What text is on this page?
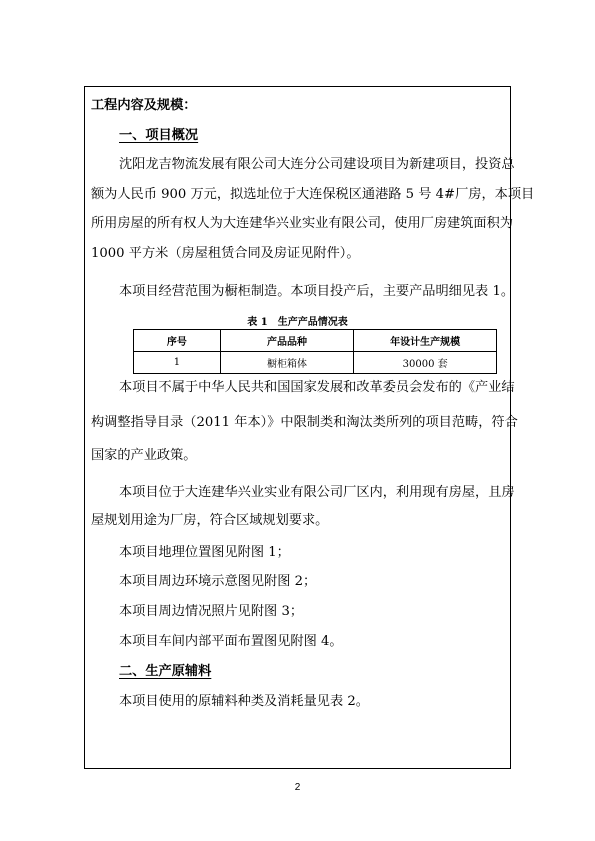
工程内容及规模：
一、项目概况
沈阳龙吉物流发展有限公司大连分公司建设项目为新建项目，投资总
额为人民币 900 万元，拟选址位于大连保税区通港路 5 号 4#厂房，本项目
所用房屋的所有权人为大连建华兴业实业有限公司，使用厂房建筑面积为
1000 平方米（房屋租赁合同及房证见附件）。
本项目经营范围为橱柜制造。本项目投产后，主要产品明细见表 1。
表 1　生产产品情况表
序号	产品品种	年设计生产规模
1	橱柜箱体	30000 套
本项目不属于中华人民共和国国家发展和改革委员会发布的《产业结
构调整指导目录（2011 年本）》中限制类和淘汰类所列的项目范畴，符合
国家的产业政策。
本项目位于大连建华兴业实业有限公司厂区内，利用现有房屋，且房
屋规划用途为厂房，符合区域规划要求。
本项目地理位置图见附图 1；
本项目周边环境示意图见附图 2；
本项目周边情况照片见附图 3；
本项目车间内部平面布置图见附图 4。
二、生产原辅料
本项目使用的原辅料种类及消耗量见表 2。
2
